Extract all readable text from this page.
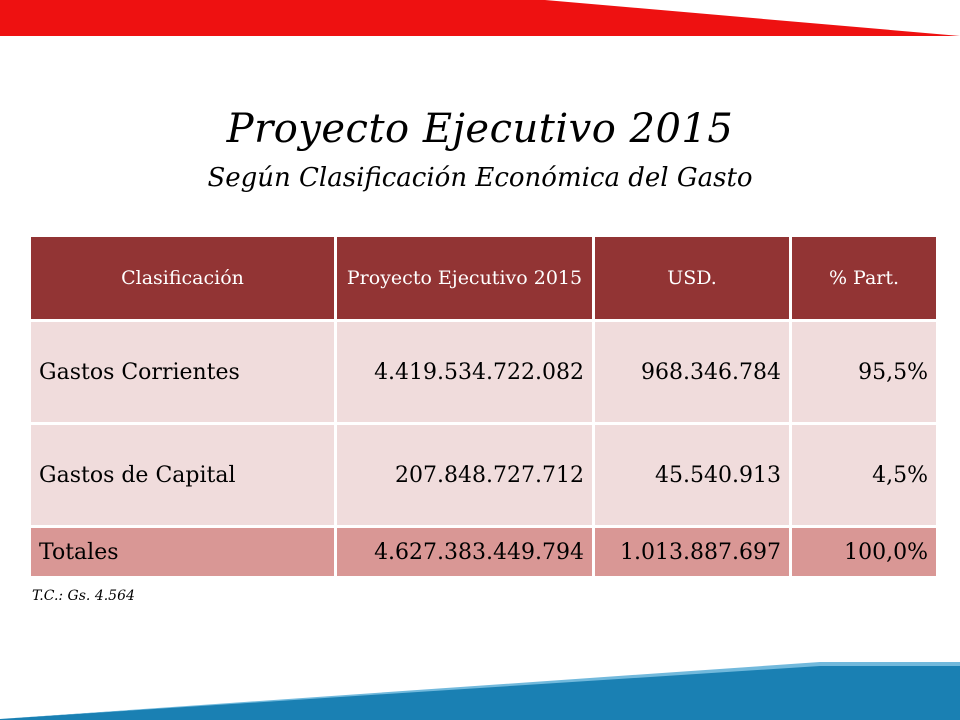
Proyecto Ejecutivo 2015
Según Clasificación Económica del Gasto
Clasificación	Proyecto Ejecutivo 2015	USD.	% Part.
Gastos Corrientes	4.419.534.722.082	968.346.784	95,5%
Gastos de Capital	207.848.727.712	45.540.913	4,5%
Totales	4.627.383.449.794	1.013.887.697	100,0%
T.C.: Gs. 4.564
